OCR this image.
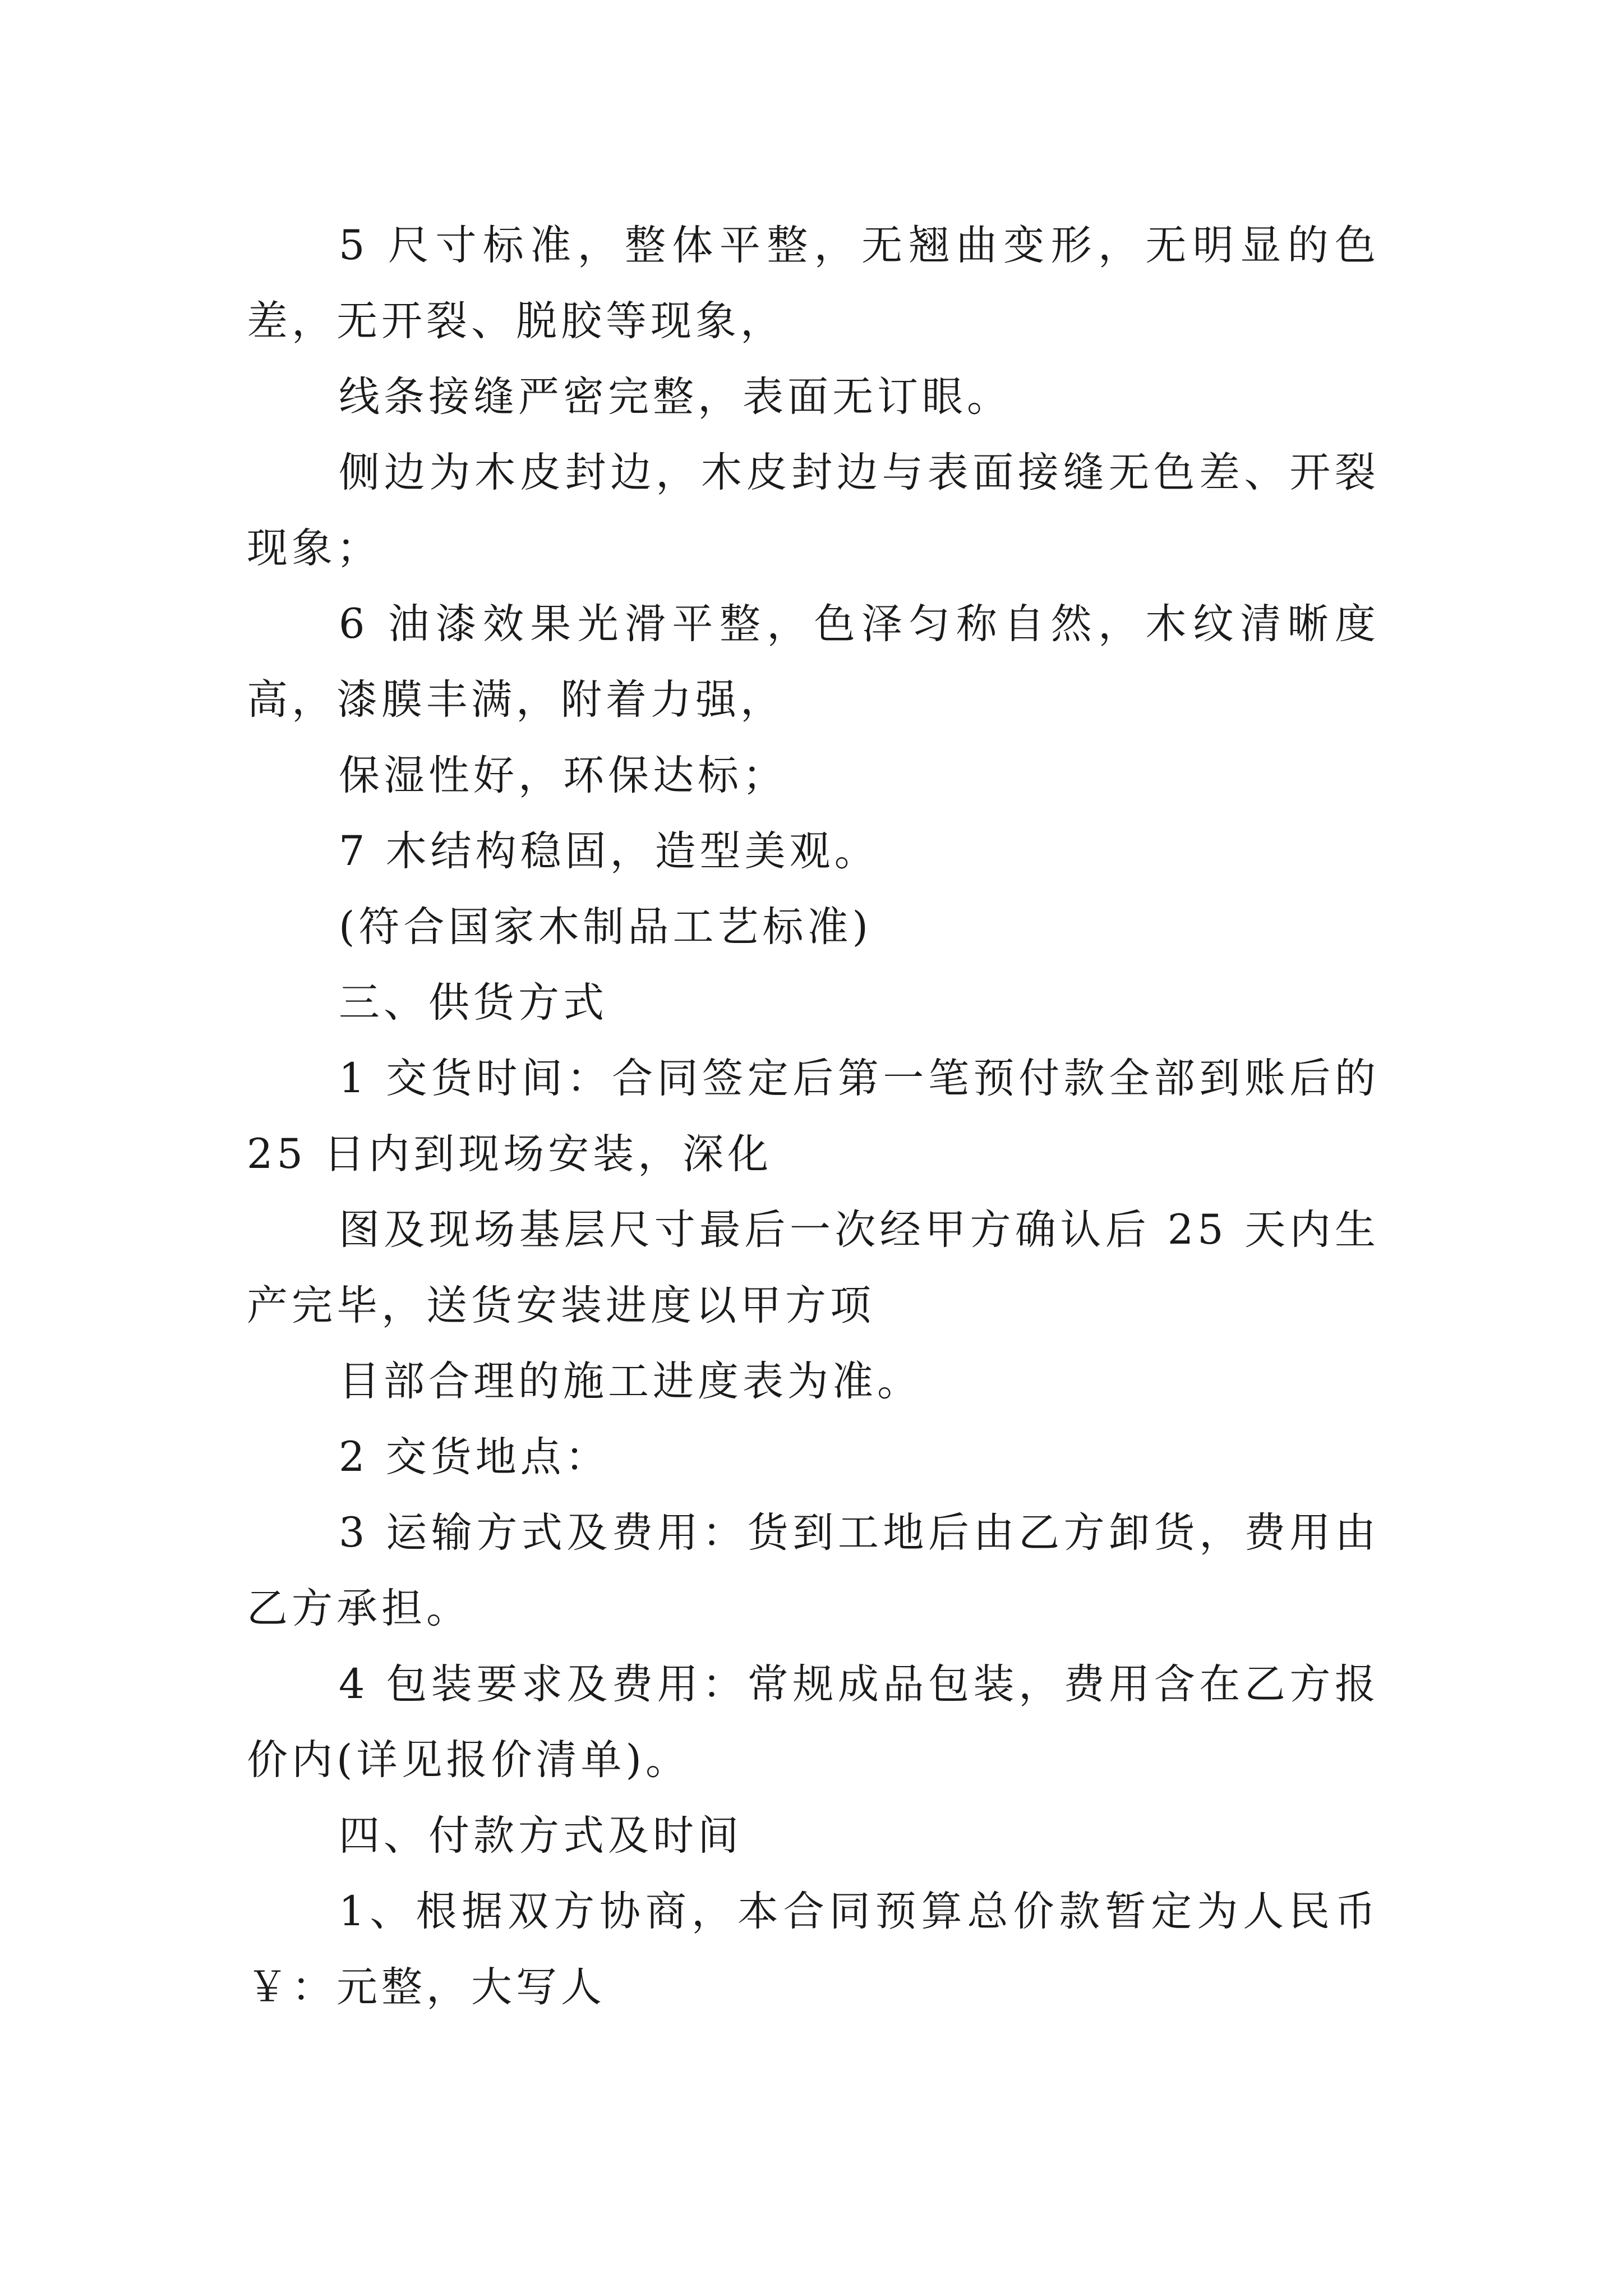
5 尺寸标准，整体平整，无翘曲变形，无明显的色差，无开裂、脱胶等现象，

线条接缝严密完整，表面无订眼。

侧边为木皮封边，木皮封边与表面接缝无色差、开裂现象；

6 油漆效果光滑平整，色泽匀称自然，木纹清晰度高，漆膜丰满，附着力强，

保湿性好，环保达标；

7 木结构稳固，造型美观。

(符合国家木制品工艺标准)

三、供货方式

1 交货时间：合同签定后第一笔预付款全部到账后的 25 日内到现场安装，深化

图及现场基层尺寸最后一次经甲方确认后 25 天内生产完毕，送货安装进度以甲方项

目部合理的施工进度表为准。

2 交货地点：

3 运输方式及费用：货到工地后由乙方卸货，费用由乙方承担。

4 包装要求及费用：常规成品包装，费用含在乙方报价内(详见报价清单)。

四、付款方式及时间

1、根据双方协商，本合同预算总价款暂定为人民币￥：元整，大写人
